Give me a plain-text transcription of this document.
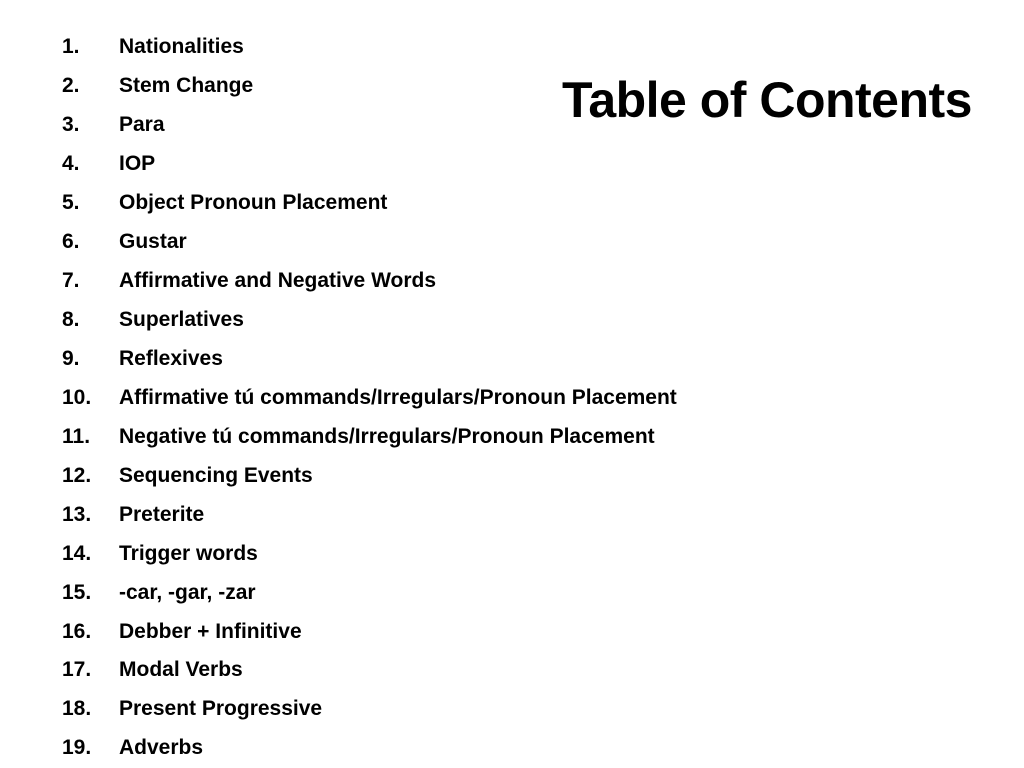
Table of Contents
1.	Nationalities
2.	Stem Change
3.	Para
4.	IOP
5.	Object Pronoun Placement
6.	Gustar
7.	Affirmative and Negative Words
8.	Superlatives
9.	Reflexives
10.	Affirmative tú commands/Irregulars/Pronoun Placement
11.	Negative tú commands/Irregulars/Pronoun Placement
12.	Sequencing Events
13.	Preterite
14.	Trigger words
15.	-car, -gar, -zar
16.	Debber + Infinitive
17.	Modal Verbs
18.	Present Progressive
19.	Adverbs
